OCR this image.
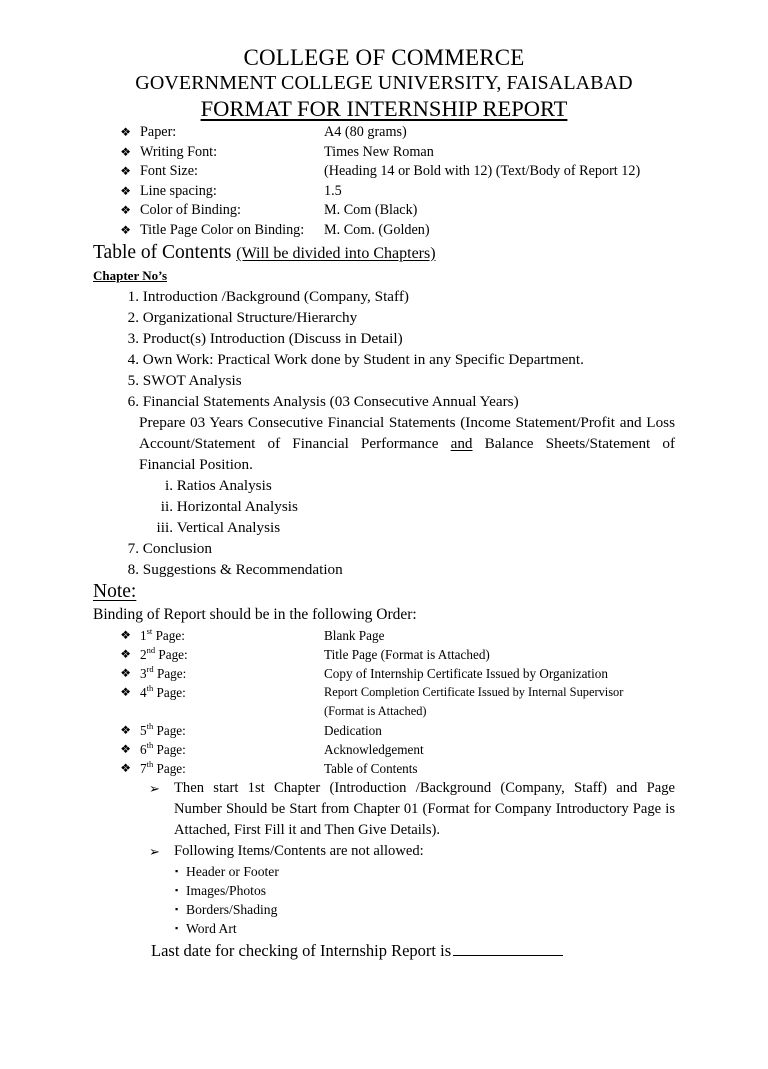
COLLEGE OF COMMERCE
GOVERNMENT COLLEGE UNIVERSITY, FAISALABAD
FORMAT FOR INTERNSHIP REPORT
❖ Paper:	A4 (80 grams)
❖ Writing Font:	Times New Roman
❖ Font Size:	(Heading 14 or Bold with 12) (Text/Body of Report 12)
❖ Line spacing:	1.5
❖ Color of Binding:	M. Com (Black)
❖ Title Page Color on Binding:	M. Com. (Golden)
Table of Contents (Will be divided into Chapters)
Chapter No’s
1.
Introduction /Background (Company, Staff)
2.
Organizational Structure/Hierarchy
3.
Product(s) Introduction (Discuss in Detail)
4.
Own Work: Practical Work done by Student in any Specific Department.
5.
SWOT Analysis
6.
Financial Statements Analysis (03 Consecutive Annual Years)
Prepare 03 Years Consecutive Financial Statements (Income Statement/Profit and Loss Account/Statement of Financial Performance and Balance Sheets/Statement of Financial Position.
i.
Ratios Analysis
ii.
Horizontal Analysis
iii.
Vertical Analysis
7.
Conclusion
8.
Suggestions & Recommendation
Note:
Binding of Report should be in the following Order:
❖ 1st Page:	Blank Page
❖ 2nd Page:	Title Page (Format is Attached)
❖ 3rd Page:	Copy of Internship Certificate Issued by Organization
❖ 4th Page:	Report Completion Certificate Issued by Internal Supervisor
(Format is Attached)
❖ 5th Page:	Dedication
❖ 6th Page:	Acknowledgement
❖ 7th Page:	Table of Contents
➢ Then start 1st Chapter (Introduction /Background (Company, Staff) and Page Number Should be Start from Chapter 01 (Format for Company Introductory Page is Attached, First Fill it and Then Give Details).
➢ Following Items/Contents are not allowed:
▪ Header or Footer
▪ Images/Photos
▪ Borders/Shading
▪ Word Art
Last date for checking of Internship Report is
